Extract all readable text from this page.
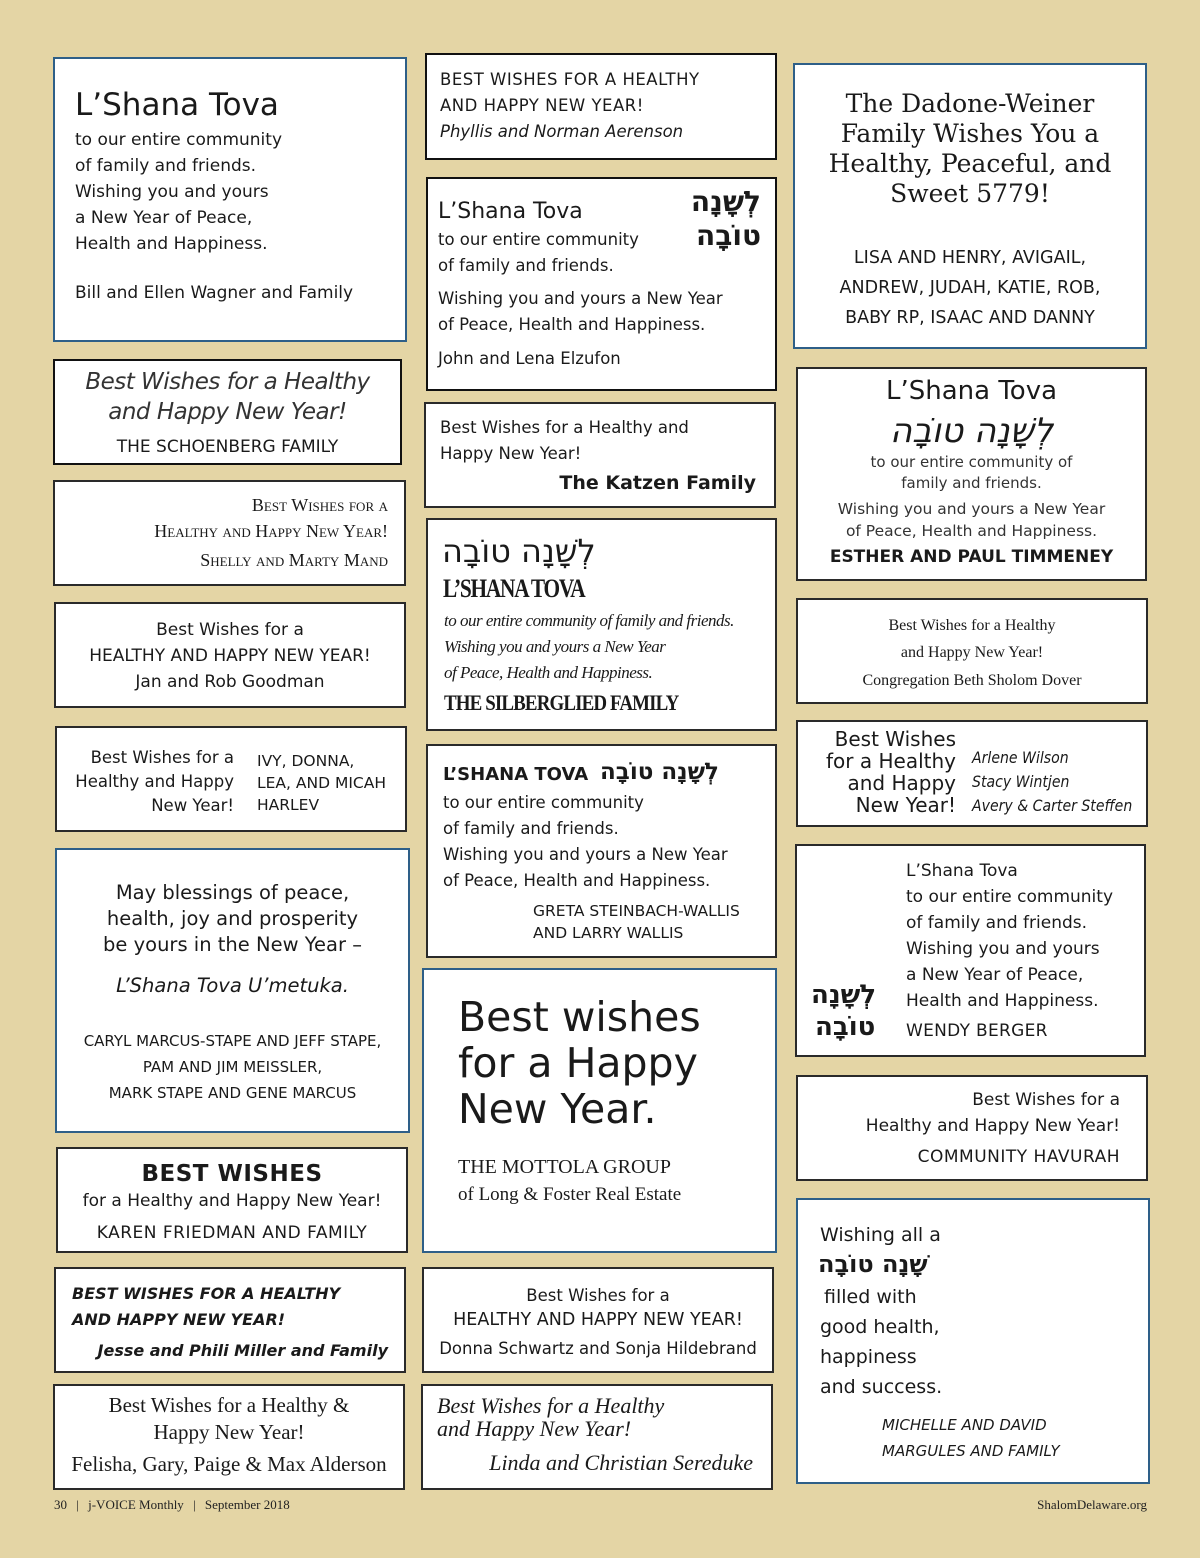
L’Shana Tova
to our entire community
of family and friends.
Wishing you and yours
a New Year of Peace,
Health and Happiness.
Bill and Ellen Wagner and Family
BEST WISHES FOR A HEALTHY
AND HAPPY NEW YEAR!
Phyllis and Norman Aerenson
The Dadone-Weiner
Family Wishes You a
Healthy, Peaceful, and
Sweet 5779!
LISA AND HENRY, AVIGAIL,
ANDREW, JUDAH, KATIE, ROB,
BABY RP, ISAAC AND DANNY
L’Shana Tova	לְשָׁנָה
טוֹבָה
to our entire community
of family and friends.
Wishing you and yours a New Year
of Peace, Health and Happiness.
John and Lena Elzufon
Best Wishes for a Healthy
and Happy New Year!
THE SCHOENBERG FAMILY
L’Shana Tova
לְשָׁנָה טוֹבָה
to our entire community of
family and friends.
Wishing you and yours a New Year
of Peace, Health and Happiness.
ESTHER AND PAUL TIMMENEY
Best Wishes for a Healthy and
Happy New Year!
The Katzen Family
Best Wishes for a
Healthy and Happy New Year!
Shelly and Marty Mand לְשָׁנָה טוֹבָה
L’SHANA TOVA
to our entire community of family and friends.
Wishing you and yours a New Year
of Peace, Health and Happiness.
THE SILBERGLIED FAMILY
Best Wishes for a Healthy
and Happy New Year!
Congregation Beth Sholom Dover
Best Wishes for a
HEALTHY AND HAPPY NEW YEAR!
Jan and Rob Goodman
Best Wishes
for a Healthy
and Happy
New Year!
Arlene Wilson
Stacy Wintjen
Avery & Carter Steffen
Best Wishes for a
Healthy and Happy
New Year!
IVY, DONNA,
LEA, AND MICAH
HARLEV
L’SHANA TOVA לְשָׁנָה טוֹבָה
to our entire community
of family and friends.
Wishing you and yours a New Year
of Peace, Health and Happiness.
GRETA STEINBACH-WALLIS
AND LARRY WALLIS
L’Shana Tova
to our entire community
of family and friends.
Wishing you and yours
a New Year of Peace,
Health and Happiness.
WENDY BERGER
לְשָׁנָה
טוֹבָה
May blessings of peace,
health, joy and prosperity
be yours in the New Year –
L’Shana Tova U’metuka.
CARYL MARCUS-STAPE AND JEFF STAPE,
PAM AND JIM MEISSLER,
MARK STAPE AND GENE MARCUS
Best wishes
for a Happy
New Year.
THE MOTTOLA GROUP
of Long & Foster Real Estate
Best Wishes for a
Healthy and Happy New Year!
COMMUNITY HAVURAH
BEST WISHES
for a Healthy and Happy New Year!
KAREN FRIEDMAN AND FAMILY	Wishing all a
שָׁנָה טוֹבָה
filled with
good health,
happiness
and success.
MICHELLE AND DAVID
MARGULES AND FAMILY
BEST WISHES FOR A HEALTHY
AND HAPPY NEW YEAR!
Jesse and Phili Miller and Family
Best Wishes for a
HEALTHY AND HAPPY NEW YEAR!
Donna Schwartz and Sonja Hildebrand
Best Wishes for a Healthy &
Happy New Year!
Felisha, Gary, Paige & Max Alderson
Best Wishes for a Healthy
and Happy New Year!
Linda and Christian Sereduke
30 | j-VOICE Monthly | September 2018	ShalomDelaware.org
